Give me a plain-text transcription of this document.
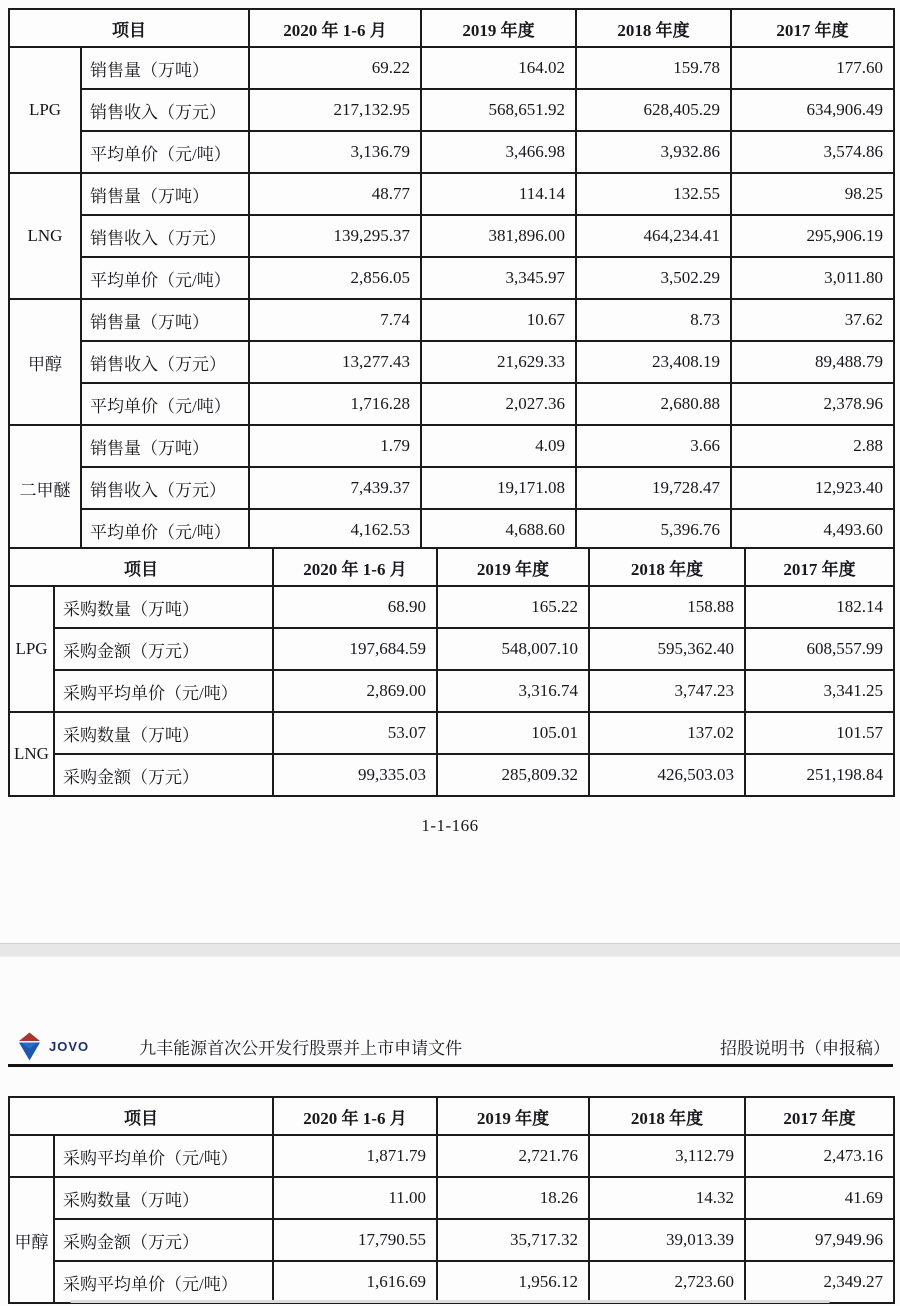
项目		2020 年 1-6 月	2019 年度	2018 年度	2017 年度
LPG	销售量（万吨）	69.22	164.02	159.78	177.60
	销售收入（万元）	217,132.95	568,651.92	628,405.29	634,906.49
	平均单价（元/吨）	3,136.79	3,466.98	3,932.86	3,574.86
LNG	销售量（万吨）	48.77	114.14	132.55	98.25
	销售收入（万元）	139,295.37	381,896.00	464,234.41	295,906.19
	平均单价（元/吨）	2,856.05	3,345.97	3,502.29	3,011.80
甲醇	销售量（万吨）	7.74	10.67	8.73	37.62
	销售收入（万元）	13,277.43	21,629.33	23,408.19	89,488.79
	平均单价（元/吨）	1,716.28	2,027.36	2,680.88	2,378.96
二甲醚	销售量（万吨）	1.79	4.09	3.66	2.88
	销售收入（万元）	7,439.37	19,171.08	19,728.47	12,923.40
	平均单价（元/吨）	4,162.53	4,688.60	5,396.76	4,493.60
项目		2020 年 1-6 月	2019 年度	2018 年度	2017 年度
LPG	采购数量（万吨）	68.90	165.22	158.88	182.14
	采购金额（万元）	197,684.59	548,007.10	595,362.40	608,557.99
	采购平均单价（元/吨）	2,869.00	3,316.74	3,747.23	3,341.25
LNG	采购数量（万吨）	53.07	105.01	137.02	101.57
	采购金额（万元）	99,335.03	285,809.32	426,503.03	251,198.84
1-1-166
JOVO	九丰能源首次公开发行股票并上市申请文件	招股说明书（申报稿）
项目		2020 年 1-6 月	2019 年度	2018 年度	2017 年度
	采购平均单价（元/吨）	1,871.79	2,721.76	3,112.79	2,473.16
甲醇	采购数量（万吨）	11.00	18.26	14.32	41.69
	采购金额（万元）	17,790.55	35,717.32	39,013.39	97,949.96
	采购平均单价（元/吨）	1,616.69	1,956.12	2,723.60	2,349.27
